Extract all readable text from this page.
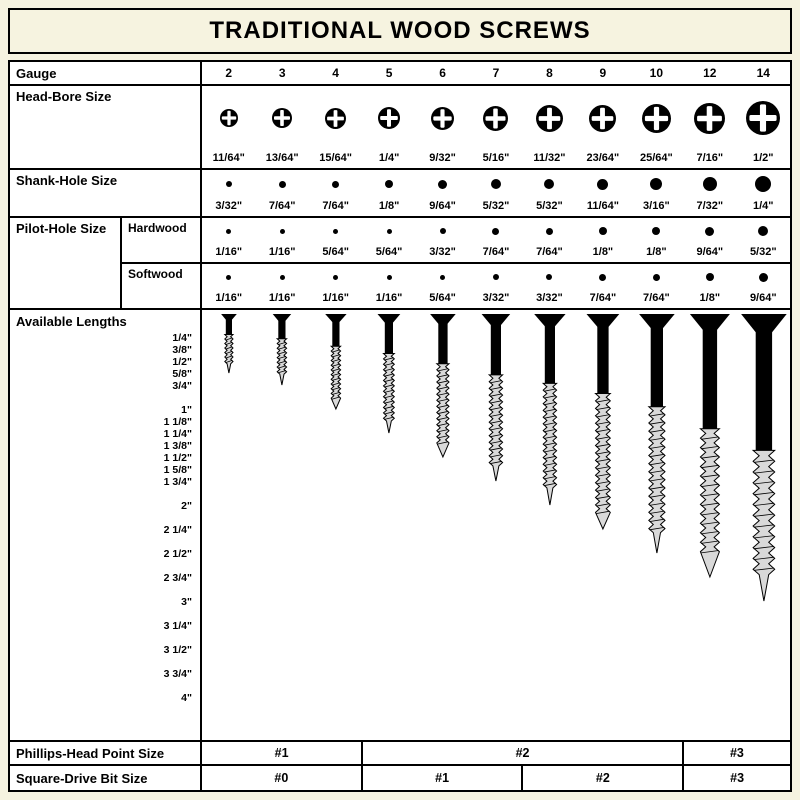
TRADITIONAL WOOD SCREWS
Gauge	2	3	4	5	6	7	8	9	10	12	14
Head-Bore Size
11/64" 13/64" 15/64" 1/4"	9/32" 5/16" 11/32" 23/64" 25/64" 7/16"	1/2"
Shank-Hole Size
3/32" 7/64" 7/64"	1/8"	9/64" 5/32" 5/32" 11/64" 3/16" 7/32"	1/4"
Pilot-Hole Size	Hardwood
1/16" 1/16" 5/64" 5/64" 3/32" 7/64" 7/64"	1/8"	1/8"	9/64" 5/32"
Softwood
1/16" 1/16" 1/16" 1/16" 5/64" 3/32" 3/32" 7/64" 7/64"	1/8"	9/64"
Available Lengths
1/4"
3/8"
1/2"
5/8"
3/4"
1"
1 1/8"
1 1/4"
1 3/8"
1 1/2"
1 5/8"
1 3/4"
2"
2 1/4"
2 1/2"
2 3/4"
3"
3 1/4"
3 1/2"
3 3/4"
4"
Phillips-Head Point Size	#1	#2	#3
Square-Drive Bit Size	#0	#1	#2	#3
